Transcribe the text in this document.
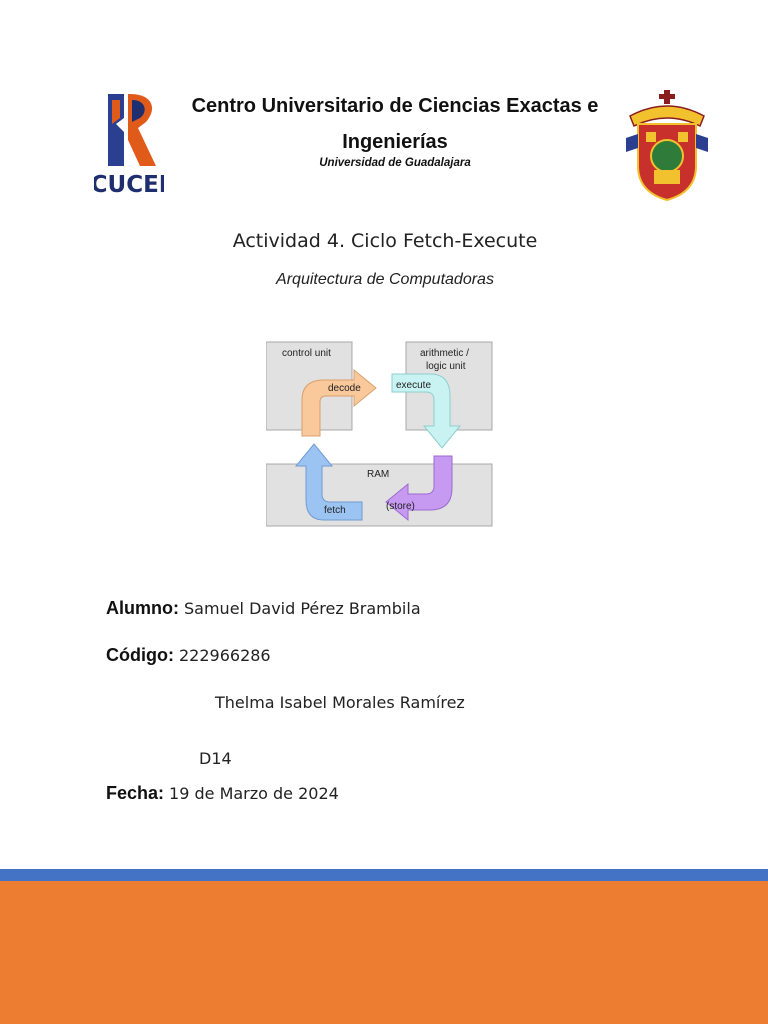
CUCEI
Centro Universitario de Ciencias Exactas e
Ingenierías
Universidad de Guadalajara
Actividad 4. Ciclo Fetch-Execute
Arquitectura de Computadoras
control unit	arithmetic /
logic unit
RAM
decode	execute
(store)
fetch
Alumno: Samuel David Pérez Brambila
Código: 222966286
Thelma Isabel Morales Ramírez
D14
Fecha: 19 de Marzo de 2024
